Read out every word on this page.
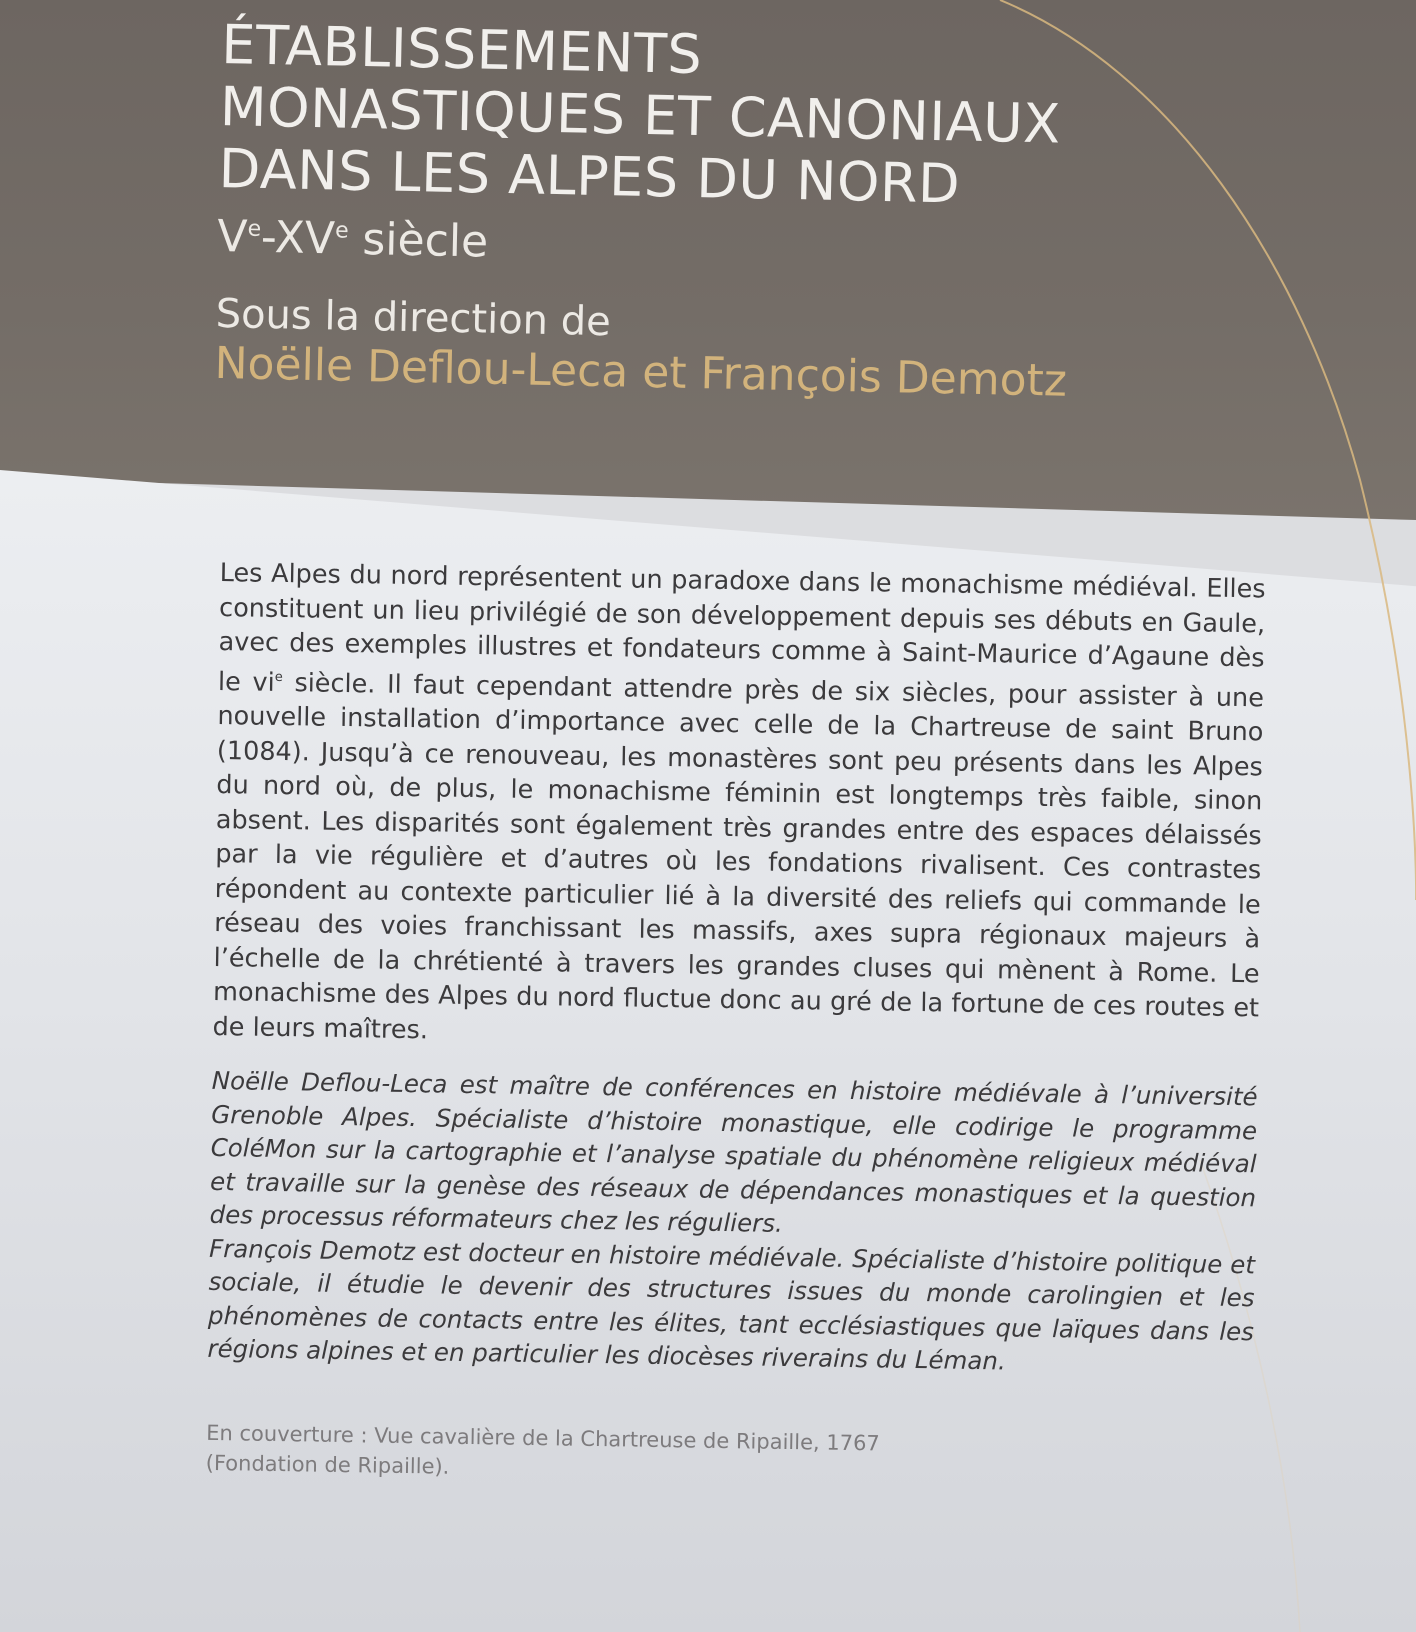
ÉTABLISSEMENTS
MONASTIQUES ET CANONIAUX
DANS LES ALPES DU NORD
Ve-XVe siècle
Sous la direction de
Noëlle Deflou-Leca et François Demotz

Les Alpes du nord représentent un paradoxe dans le monachisme médiéval. Elles constituent un lieu privilégié de son développement depuis ses débuts en Gaule, avec des exemples illustres et fondateurs comme à Saint-Maurice d’Agaune dès le $vi^e$ siècle. Il faut cependant attendre près de six siècles, pour assister à une nouvelle installation d’importance avec celle de la Chartreuse de saint Bruno (1084). Jusqu’à ce renouveau, les monastères sont peu présents dans les Alpes du nord où, de plus, le monachisme féminin est longtemps très faible, sinon absent. Les disparités sont également très grandes entre des espaces délaissés par la vie régulière et d’autres où les fondations rivalisent. Ces contrastes répondent au contexte particulier lié à la diversité des reliefs qui commande le réseau des voies franchissant les massifs, axes supra régionaux majeurs à l’échelle de la chrétienté à travers les grandes cluses qui mènent à Rome. Le monachisme des Alpes du nord fluctue donc au gré de la fortune de ces routes et de leurs maîtres.

Noëlle Deflou-Leca est maître de conférences en histoire médiévale à l’université Grenoble Alpes. Spécialiste d’histoire monastique, elle codirige le programme ColéMon sur la cartographie et l’analyse spatiale du phénomène religieux médiéval et travaille sur la genèse des réseaux de dépendances monastiques et la question des processus réformateurs chez les réguliers.

François Demotz est docteur en histoire médiévale. Spécialiste d’histoire politique et sociale, il étudie le devenir des structures issues du monde carolingien et les phénomènes de contacts entre les élites, tant ecclésiastiques que laïques dans les régions alpines et en particulier les diocèses riverains du Léman.

En couverture : Vue cavalière de la Chartreuse de Ripaille, 1767
(Fondation de Ripaille).
